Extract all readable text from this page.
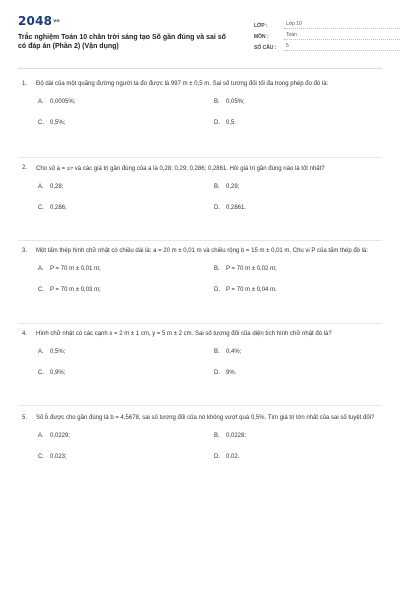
2048vn
Trắc nghiệm Toán 10 chân trời sáng tạo Số gần đúng và sai số có đáp án (Phần 2) (Vận dụng)
LỚP :	Lớp 10
MÔN :	Toán
SỐ CÂU :	5
1. Độ dài của một quãng đường người ta đo được là 997 m ± 0,5 m. Sai số tương đối tối đa trong phép đo đó là:
A.	0,0005%;	B.	0,05%;
C.	0,5%;	D.	0,5.
2. Cho số a = 2/7 và các giá trị gần đúng của a là 0,28; 0,29; 0,286; 0,2861. Hỏi giá trị gần đúng nào là tốt nhất?
A.	0,28;	B.	0,29;
C.	0,286;	D.	0,2861.
3. Một tấm thép hình chữ nhật có chiều dài là: a = 20 m ± 0,01 m và chiều rộng b = 15 m ± 0,01 m. Chu vi P của tấm thép đó là:
A.	P = 70 m ± 0,01 m;	B.	P = 70 m ± 0,02 m;
C.	P = 70 m ± 0,03 m;	D.	P = 70 m ± 0,04 m.
4. Hình chữ nhật có các cạnh x = 2 m ± 1 cm, y = 5 m ± 2 cm. Sai số tương đối của diện tích hình chữ nhật đó là?
A.	0,5%;	B.	0,4%;
C.	0,9%;	D.	9%.
5. Số b̄ được cho gần đúng là b = 4,5678, sai số tương đối của nó không vượt quá 0,5%. Tìm giá trị lớn nhất của sai số tuyệt đối?
A.	0,0229;	B.	0,0228;
C.	0,023;	D.	0,02.
